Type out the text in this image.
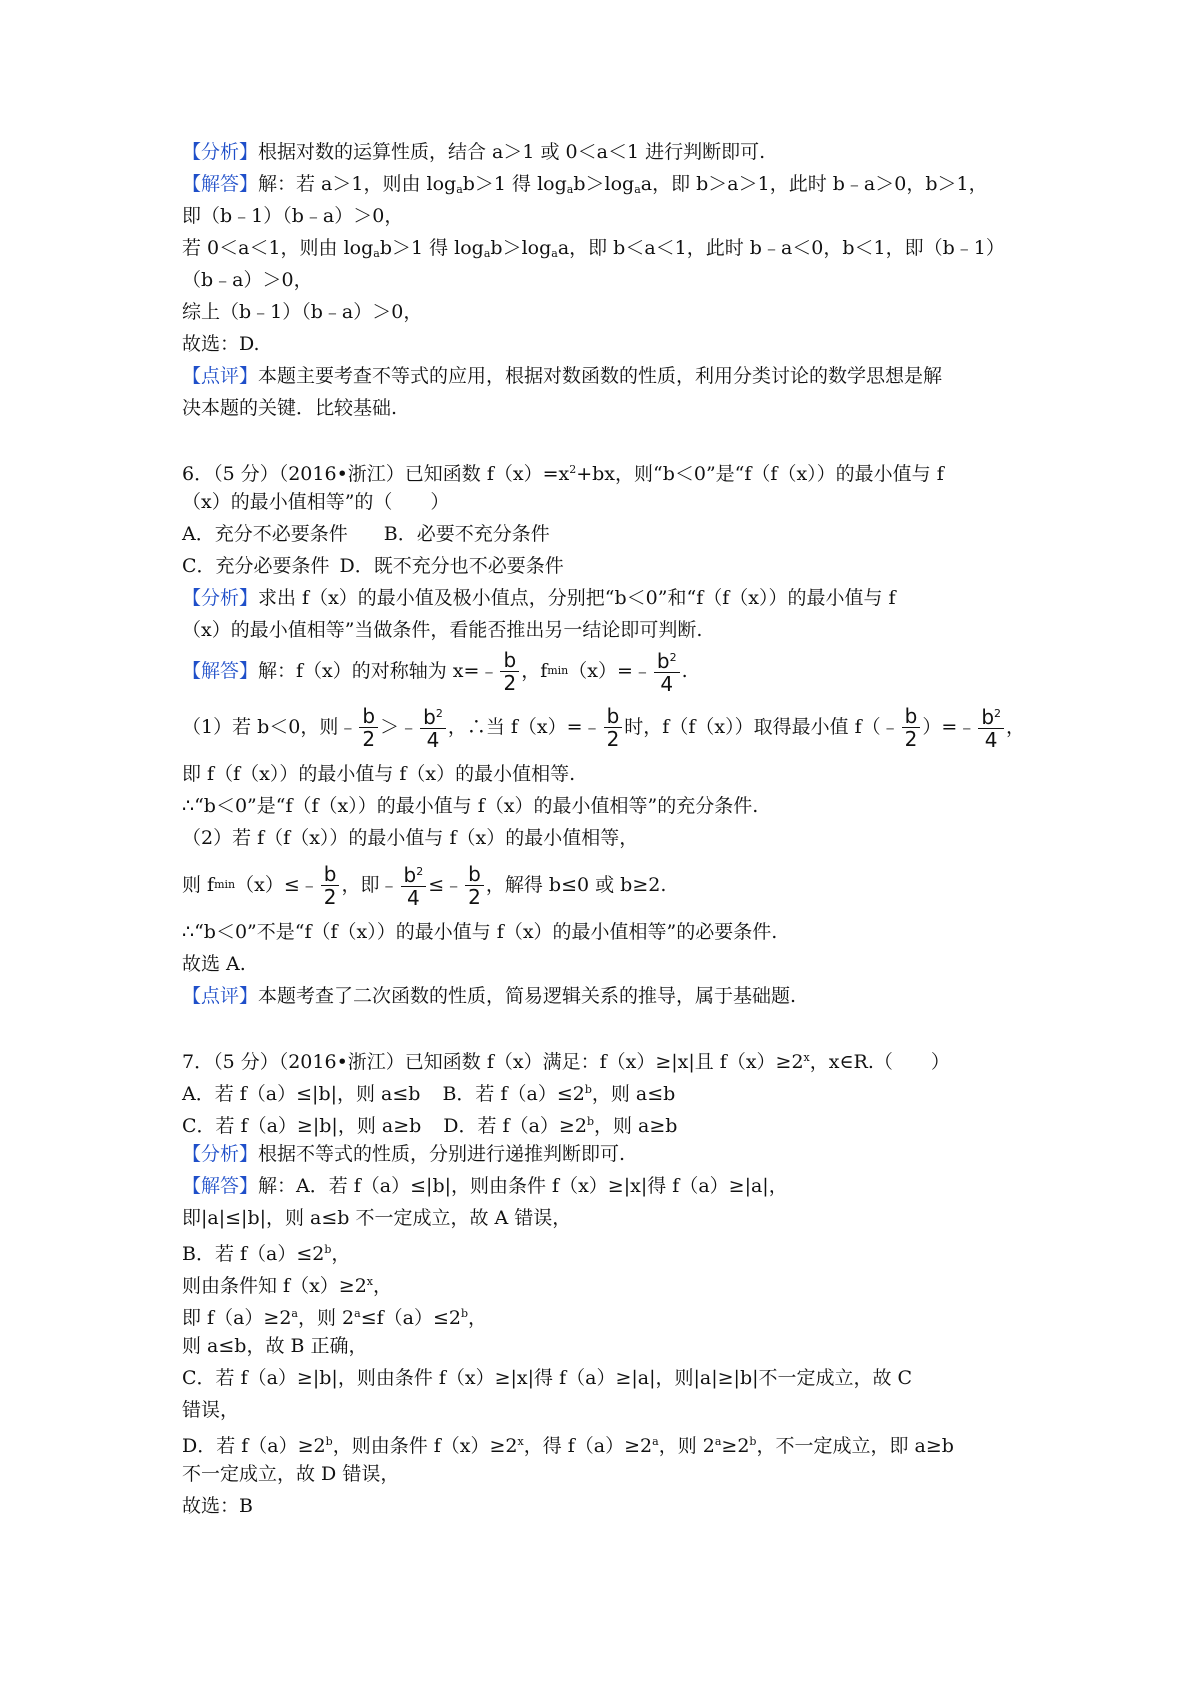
【分析】根据对数的运算性质，结合 a＞1 或 0＜a＜1 进行判断即可.
【解答】解：若 a＞1，则由 $\log_ab>1$ 得 $\log_ab>\log_aa$，即 b＞a＞1，此时 b﹣a＞0，b＞1，
即（b﹣1）（b﹣a）＞0，
若 0＜a＜1，则由 $\log_ab>1$ 得 $\log_ab>\log_aa$，即 b＜a＜1，此时 b﹣a＜0，b＜1，即（b﹣1）
（b﹣a）＞0，
综上（b﹣1）（b﹣a）＞0，
故选：D.
【点评】本题主要考查不等式的应用，根据对数函数的性质，利用分类讨论的数学思想是解
决本题的关键．比较基础.
6．（5 分）（2016•浙江）已知函数 $f(x)=x^2+bx$，则“b＜0”是“f（f（x））的最小值与 f
（x）的最小值相等”的（　　）
A．充分不必要条件 B．必要不充分条件
C．充分必要条件 D．既不充分也不必要条件
【分析】求出 f（x）的最小值及极小值点，分别把“b＜0”和“f（f（x））的最小值与 f
（x）的最小值相等”当做条件，看能否推出另一结论即可判断.
【解答】 解：f（x）的对称轴为 x=﹣ $\frac{b}{2}$ ，f min （x）=﹣ $\frac{b^2}{4}$ .
（1）若 b＜0，则﹣ $\frac{b}{2}$ ＞﹣ $\frac{b^2}{4}$ ，∴当 f（x）=﹣ $\frac{b}{2}$ 时，f（f（x））取得最小值 f（﹣ $\frac{b}{2}$ ）=﹣ $\frac{b^2}{4}$ ，
即 f（f（x））的最小值与 f（x）的最小值相等.
∴“b＜0”是“f（f（x））的最小值与 f（x）的最小值相等”的充分条件.
（2）若 f（f（x））的最小值与 f（x）的最小值相等，
则 f min （x）≤﹣ $\frac{b}{2}$ ，即﹣ $\frac{b^2}{4}$ ≤﹣ $\frac{b}{2}$ ，解得 b≤0 或 b≥2.
∴“b＜0”不是“f（f（x））的最小值与 f（x）的最小值相等”的必要条件.
故选 A.
【点评】本题考查了二次函数的性质，简易逻辑关系的推导，属于基础题.
7．（5 分）（2016•浙江）已知函数 f（x）满足：f（x）≥|x|且 $f(x)\ge 2^x$，x∈R.（　　）
A．若 f（a）≤|b|，则 a≤b B．若 $f(a)\le 2^b$，则 a≤b
C．若 f（a）≥|b|，则 a≥b D．若 $f(a)\ge 2^b$，则 a≥b
【分析】根据不等式的性质，分别进行递推判断即可.
【解答】解：A．若 f（a）≤|b|，则由条件 f（x）≥|x|得 f（a）≥|a|，
即|a|≤|b|，则 a≤b 不一定成立，故 A 错误，
B．若 $f(a)\le 2^b$，
则由条件知 $f(x)\ge 2^x$，
即 $f(a)\ge 2^a$，则 $2^a\le f(a)\le 2^b$，
则 a≤b，故 B 正确，
C．若 f（a）≥|b|，则由条件 f（x）≥|x|得 f（a）≥|a|，则|a|≥|b|不一定成立，故 C
错误，
D．若 $f(a)\ge 2^b$，则由条件 $f(x)\ge 2^x$，得 $f(a)\ge 2^a$，则 $2^a\ge 2^b$，不一定成立，即 a≥b
不一定成立，故 D 错误，
故选：B
